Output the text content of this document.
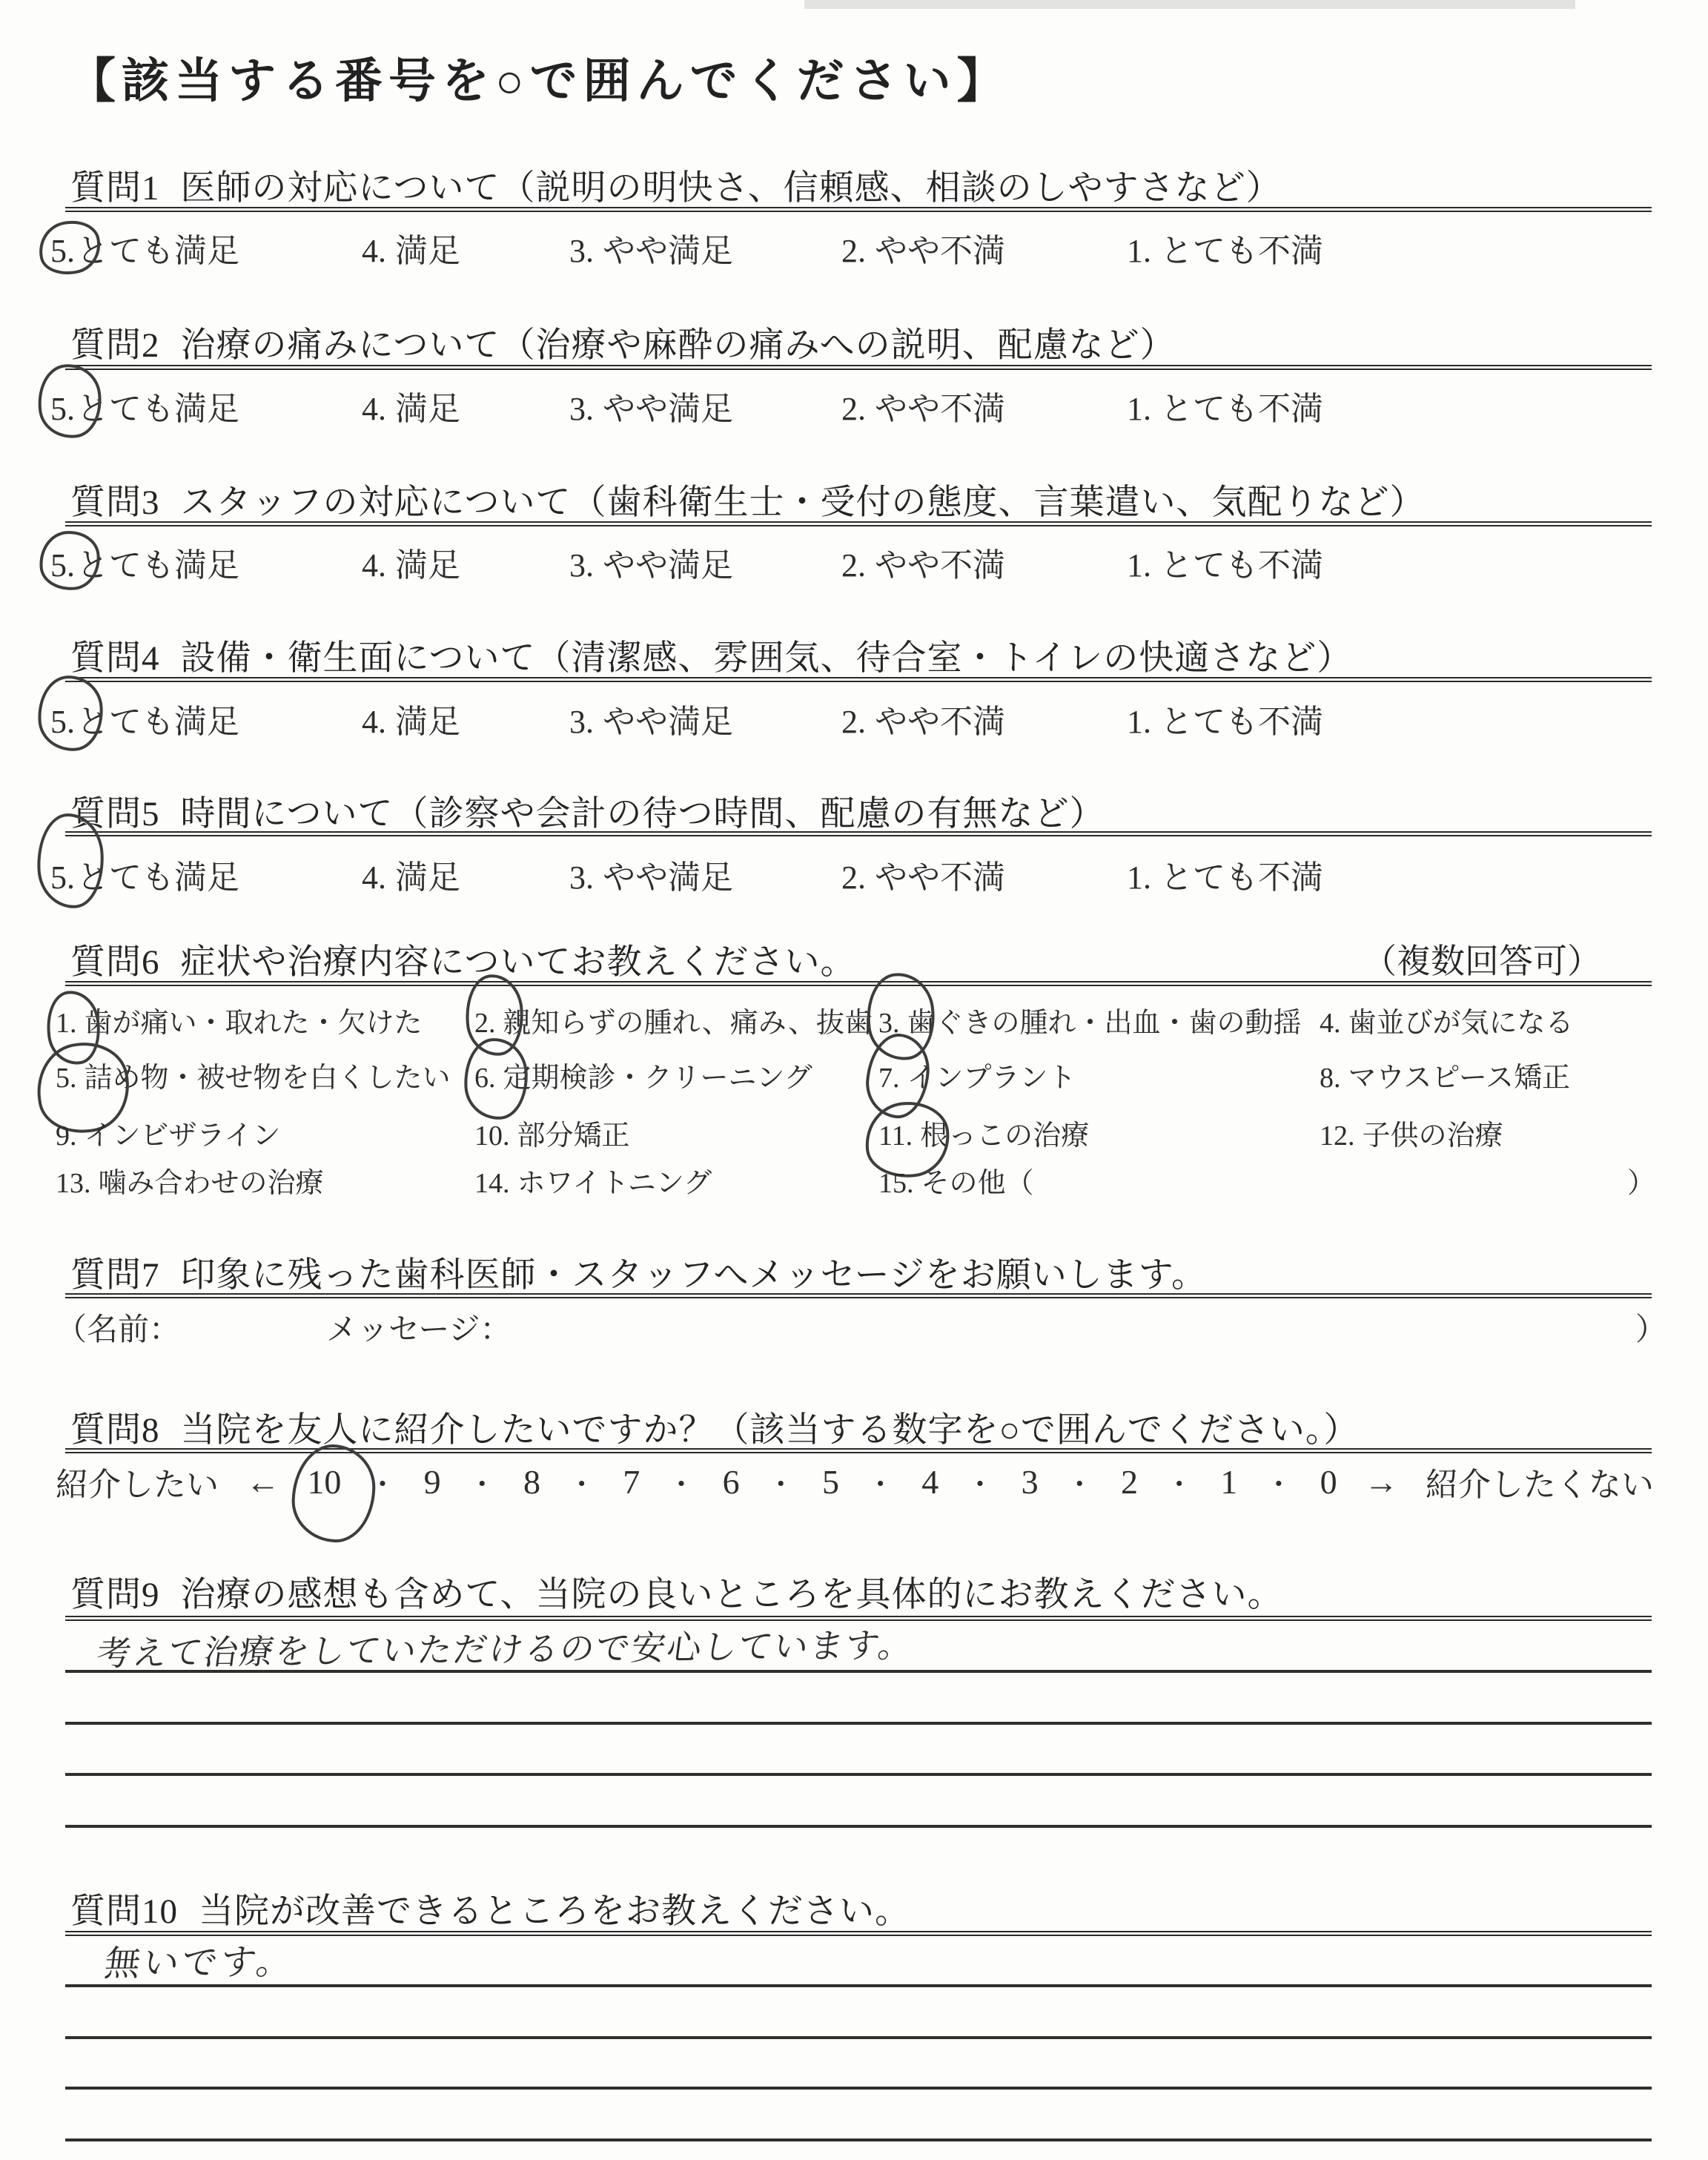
【該当する番号を○で囲んでください】
質問1 医師の対応について（説明の明快さ、信頼感、相談のしやすさなど）
5.とても満足	4. 満足	3. やや満足	2. やや不満	1. とても不満
質問2 治療の痛みについて（治療や麻酔の痛みへの説明、配慮など）
5.とても満足	4. 満足	3. やや満足	2. やや不満	1. とても不満
質問3 スタッフの対応について（歯科衛生士・受付の態度、言葉遣い、気配りなど）
5.とても満足	4. 満足	3. やや満足	2. やや不満	1. とても不満
質問4 設備・衛生面について（清潔感、雰囲気、待合室・トイレの快適さなど）
5.とても満足	4. 満足	3. やや満足	2. やや不満	1. とても不満
質問5 時間について（診察や会計の待つ時間、配慮の有無など）
5.とても満足	4. 満足	3. やや満足	2. やや不満	1. とても不満
質問6 症状や治療内容についてお教えください。	（複数回答可）
1. 歯が痛い・取れた・欠けた 2. 親知らずの腫れ、痛み、抜歯 3. 歯ぐきの腫れ・出血・歯の動揺 4. 歯並びが気になる
5. 詰め物・被せ物を白くしたい 6. 定期検診・クリーニング 7. インプラント	8. マウスピース矯正
9. インビザライン	10. 部分矯正	11. 根っこの治療	12. 子供の治療
13. 噛み合わせの治療	14. ホワイトニング	15. その他（	）
質問7 印象に残った歯科医師・スタッフへメッセージをお願いします。
（名前：	メッセージ：	）
質問8 当院を友人に紹介したいですか？（該当する数字を○で囲んでください。）
紹介したい ← 10 ・ 9 ・ 8 ・ 7 ・ 6 ・ 5 ・ 4 ・ 3 ・ 2 ・ 1 ・ 0 → 紹介したくない
質問9 治療の感想も含めて、当院の良いところを具体的にお教えください。
考えて治療をしていただけるので安心しています。
質問10 当院が改善できるところをお教えください。
無いです。
